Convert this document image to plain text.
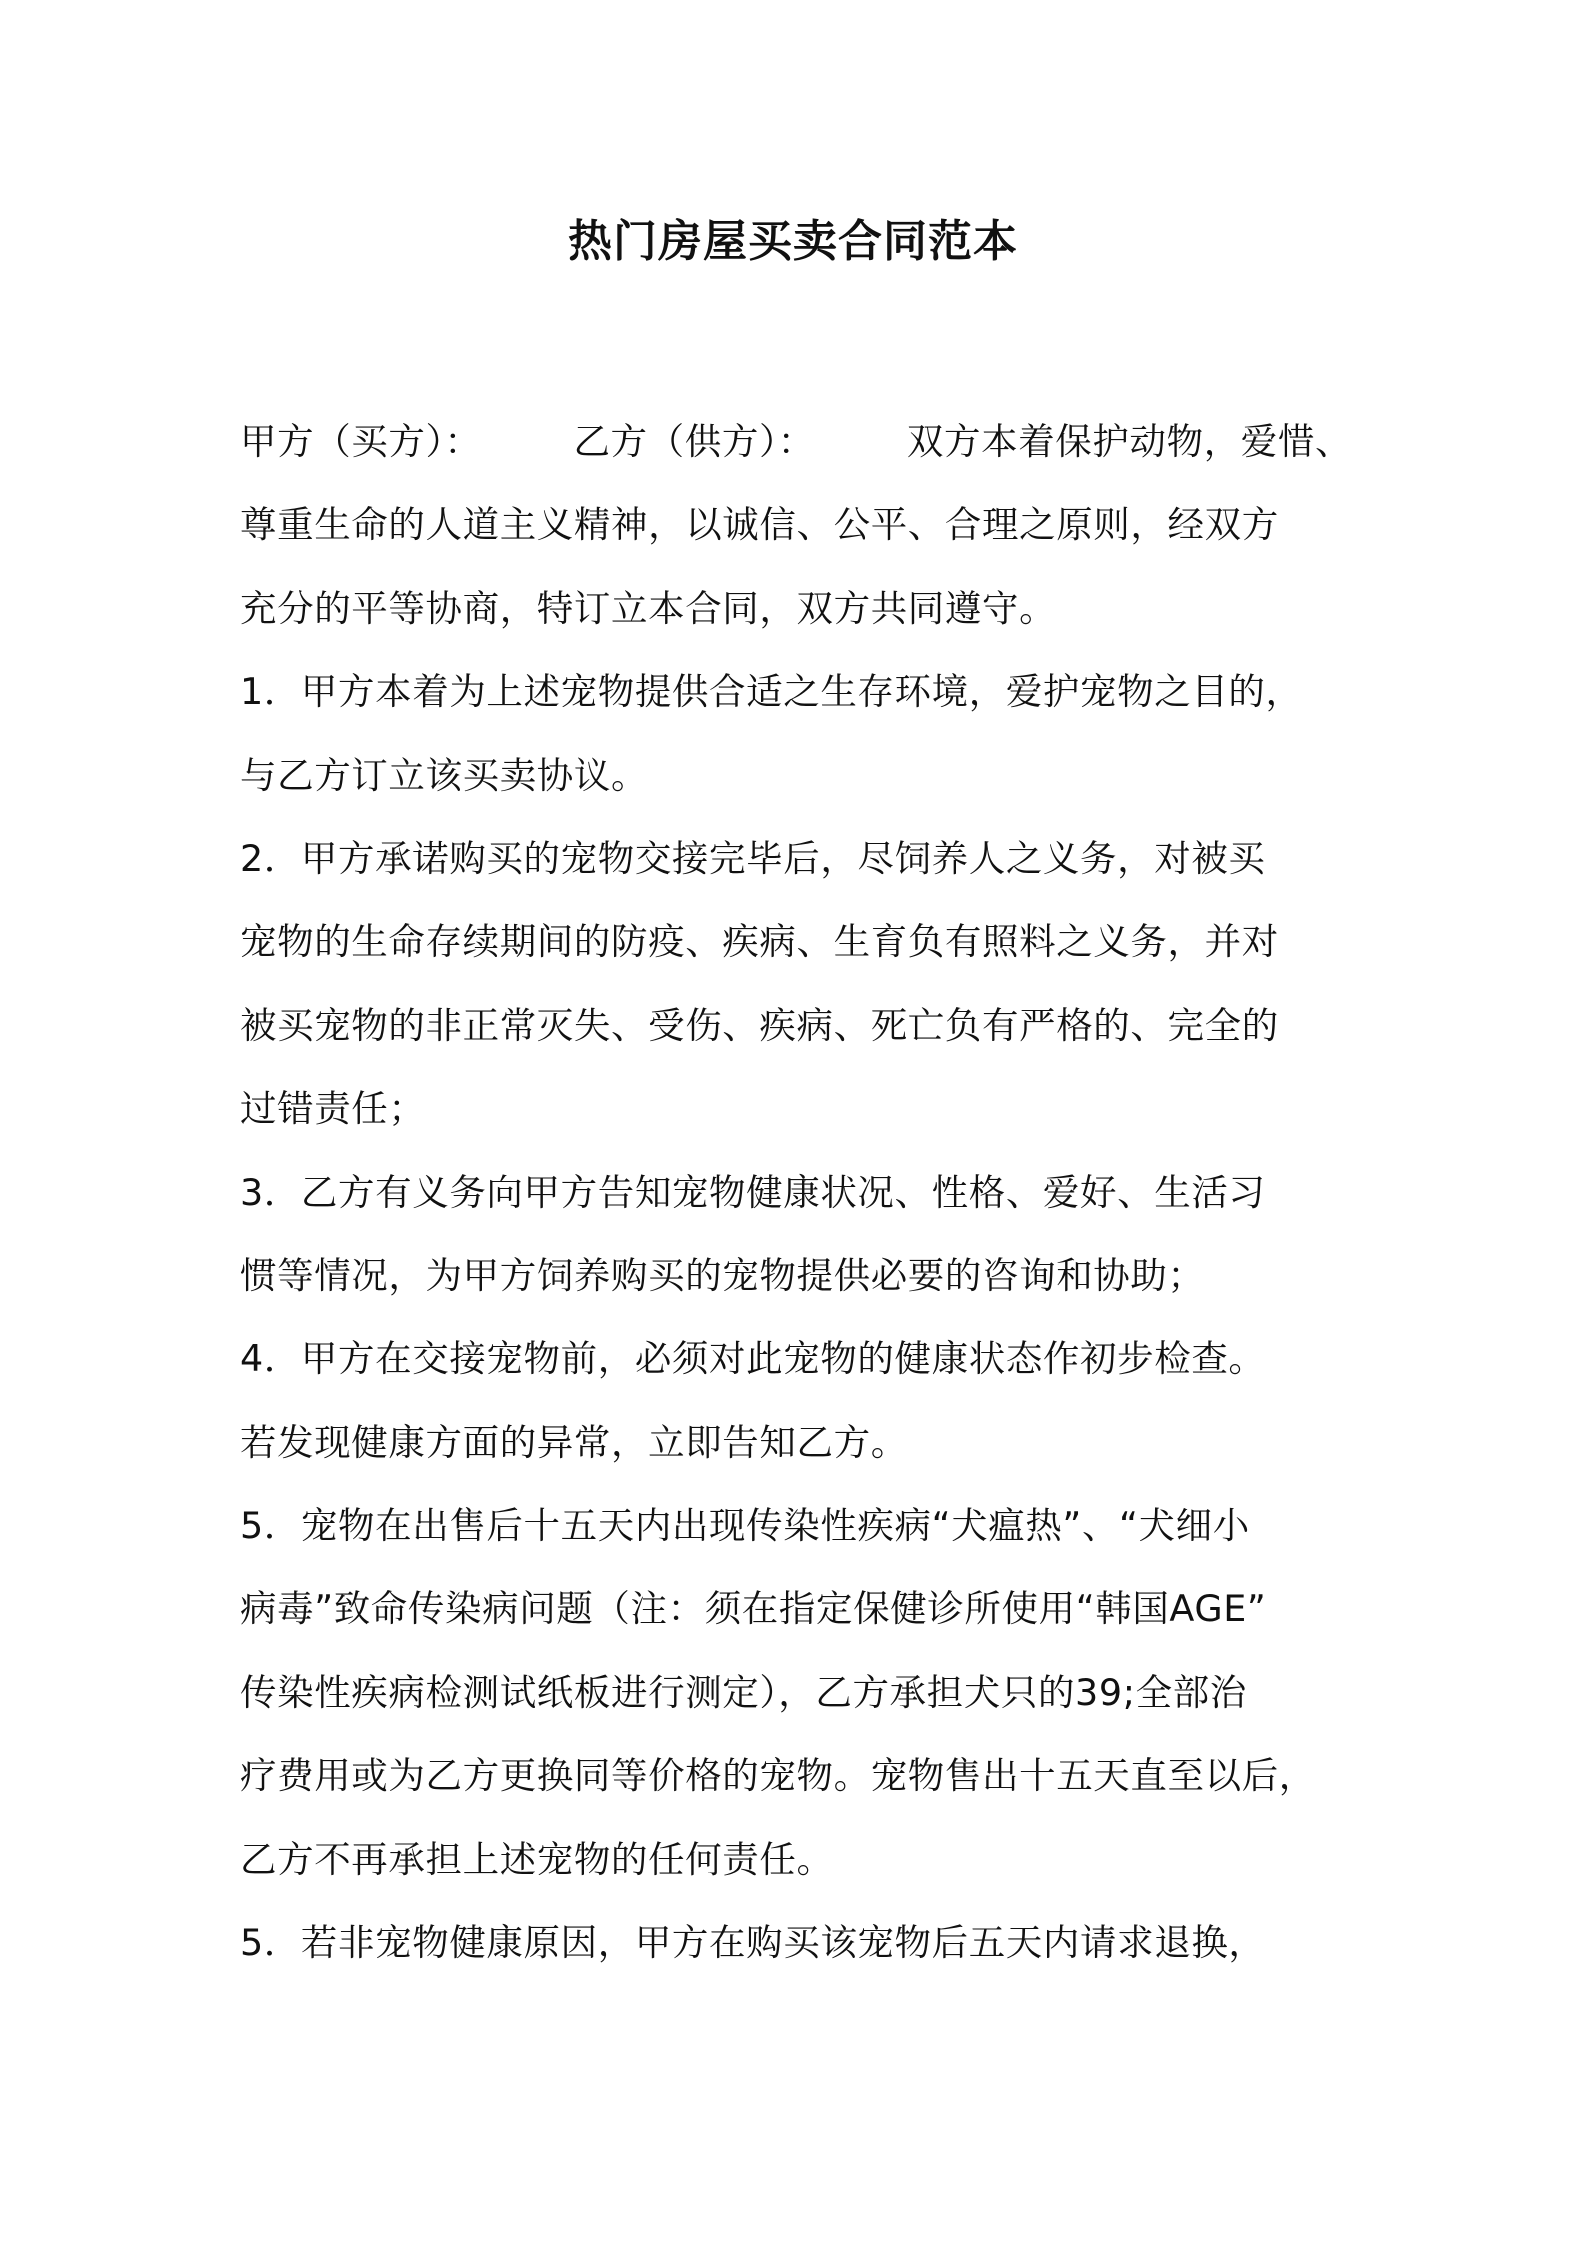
热门房屋买卖合同范本
甲方（买方）：	乙方（供方）：	双方本着保护动物，爱惜、
尊重生命的人道主义精神，以诚信、公平、合理之原则，经双方
充分的平等协商，特订立本合同，双方共同遵守。
1．甲方本着为上述宠物提供合适之生存环境，爱护宠物之目的，
与乙方订立该买卖协议。
2．甲方承诺购买的宠物交接完毕后，尽饲养人之义务，对被买
宠物的生命存续期间的防疫、疾病、生育负有照料之义务，并对
被买宠物的非正常灭失、受伤、疾病、死亡负有严格的、完全的
过错责任；
3．乙方有义务向甲方告知宠物健康状况、性格、爱好、生活习
惯等情况，为甲方饲养购买的宠物提供必要的咨询和协助；
4．甲方在交接宠物前，必须对此宠物的健康状态作初步检查。
若发现健康方面的异常，立即告知乙方。
5．宠物在出售后十五天内出现传染性疾病“犬瘟热”、“犬细小
病毒”致命传染病问题（注：须在指定保健诊所使用“韩国AGE”
传染性疾病检测试纸板进行测定），乙方承担犬只的39;全部治
疗费用或为乙方更换同等价格的宠物。宠物售出十五天直至以后，
乙方不再承担上述宠物的任何责任。
5．若非宠物健康原因，甲方在购买该宠物后五天内请求退换，
